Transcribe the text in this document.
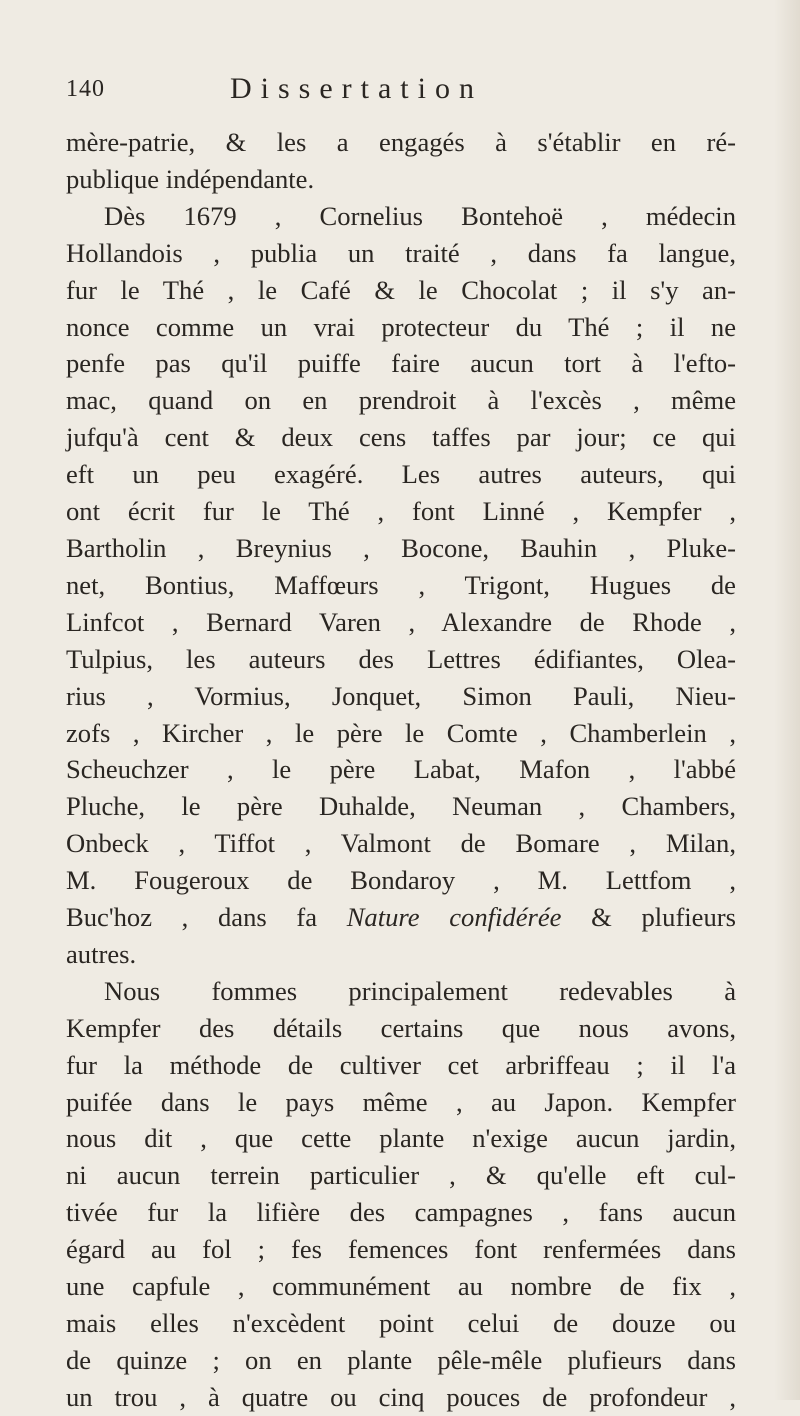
140	Dissertation
mère-patrie, & les a engagés à s'établir en ré-
publique indépendante.
Dès 1679 , Cornelius Bontehoë , médecin
Hollandois , publia un traité , dans fa langue,
fur le Thé , le Café & le Chocolat ; il s'y an-
nonce comme un vrai protecteur du Thé ; il ne
penfe pas qu'il puiffe faire aucun tort à l'efto-
mac, quand on en prendroit à l'excès , même
jufqu'à cent & deux cens taffes par jour; ce qui
eft un peu exagéré. Les autres auteurs, qui
ont écrit fur le Thé , font Linné , Kempfer ,
Bartholin , Breynius , Bocone, Bauhin , Pluke-
net, Bontius, Maffœurs , Trigont, Hugues de
Linfcot , Bernard Varen , Alexandre de Rhode ,
Tulpius, les auteurs des Lettres édifiantes, Olea-
rius , Vormius, Jonquet, Simon Pauli, Nieu-
zofs , Kircher , le père le Comte , Chamberlein ,
Scheuchzer , le père Labat, Mafon , l'abbé
Pluche, le père Duhalde, Neuman , Chambers,
Onbeck , Tiffot , Valmont de Bomare , Milan,
M. Fougeroux de Bondaroy , M. Lettfom ,
Buc'hoz , dans fa Nature confidérée & plufieurs
autres.
Nous fommes principalement redevables à
Kempfer des détails certains que nous avons,
fur la méthode de cultiver cet arbriffeau ; il l'a
puifée dans le pays même , au Japon. Kempfer
nous dit , que cette plante n'exige aucun jardin,
ni aucun terrein particulier , & qu'elle eft cul-
tivée fur la lifière des campagnes , fans aucun
égard au fol ; fes femences font renfermées dans
une capfule , communément au nombre de fix ,
mais elles n'excèdent point celui de douze ou
de quinze ; on en plante pêle-mêle plufieurs dans
un trou , à quatre ou cinq pouces de profondeur ,
